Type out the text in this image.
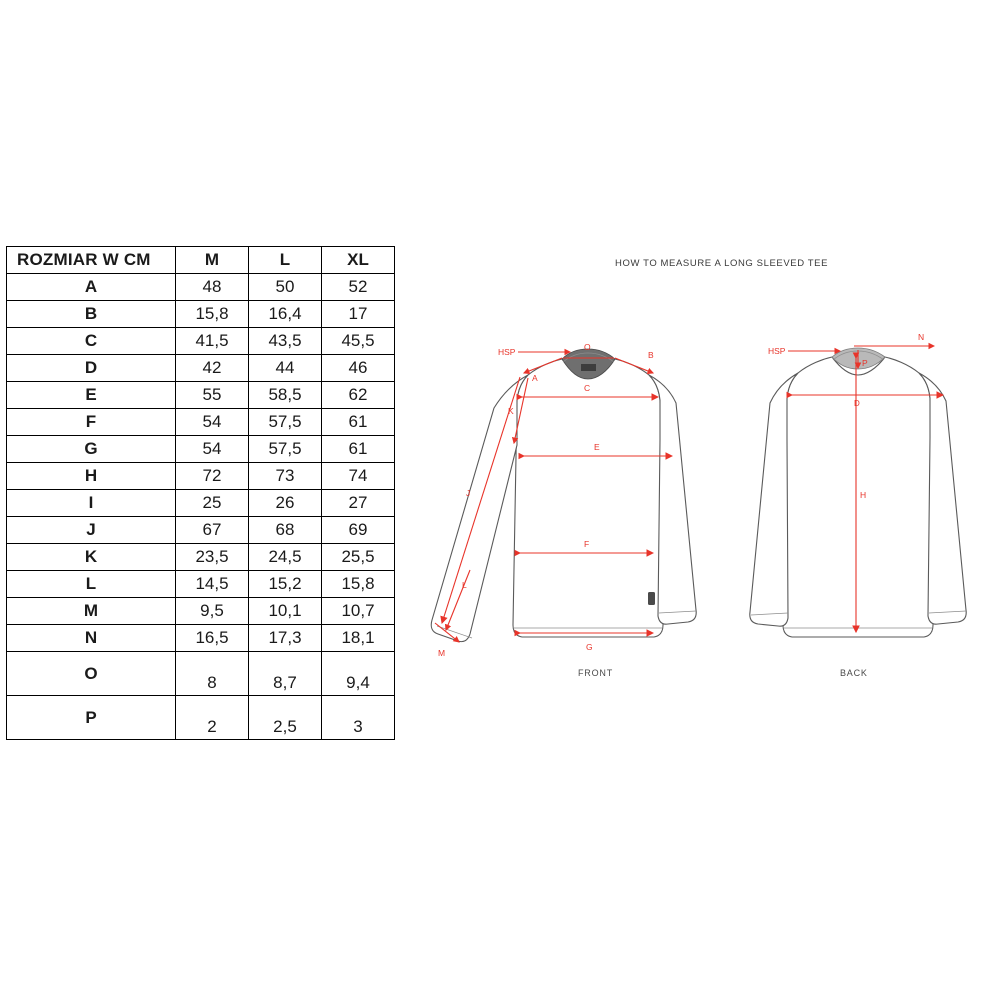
ROZMIAR W CM	M	L	XL
A	48	50	52
B	15,8	16,4	17
C	41,5	43,5	45,5
D	42	44	46
E	55	58,5	62
F	54	57,5	61
G	54	57,5	61
H	72	73	74
I	25	26	27
J	67	68	69
K	23,5	24,5	25,5
L	14,5	15,2	15,8
M	9,5	10,1	10,7
N	16,5	17,3	18,1
O	8	8,7	9,4
P	2	2,5	3
HOW TO MEASURE A LONG SLEEVED TEE
HSP	O
B
A
C
E
K
J
L
F
G
M
HSP
N
P
D
H
FRONT	BACK
